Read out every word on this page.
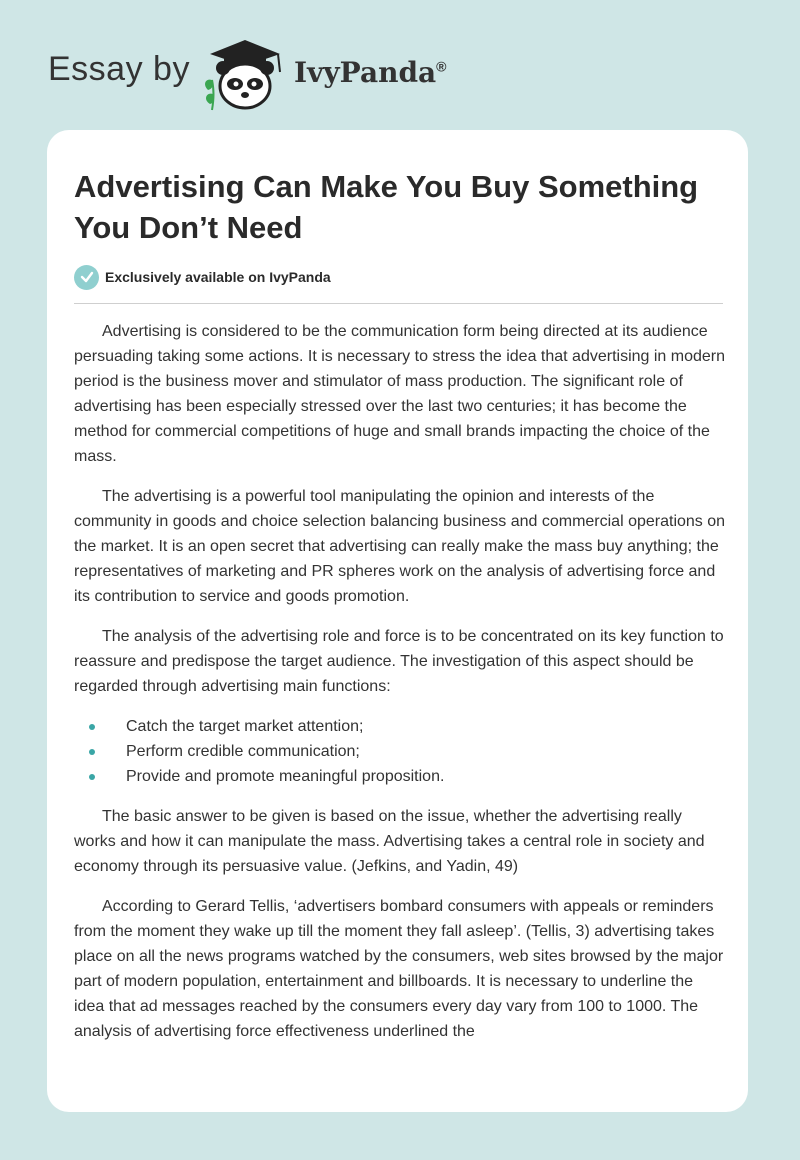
Essay by	IvyPanda®
Advertising Can Make You Buy Something You Don’t Need
Exclusively available on IvyPanda

Advertising is considered to be the communication form being directed at its audience persuading taking some actions. It is necessary to stress the idea that advertising in modern period is the business mover and stimulator of mass production. The significant role of advertising has been especially stressed over the last two centuries; it has become the method for commercial competitions of huge and small brands impacting the choice of the mass.

The advertising is a powerful tool manipulating the opinion and interests of the community in goods and choice selection balancing business and commercial operations on the market. It is an open secret that advertising can really make the mass buy anything; the representatives of marketing and PR spheres work on the analysis of advertising force and its contribution to service and goods promotion.

The analysis of the advertising role and force is to be concentrated on its key function to reassure and predispose the target audience. The investigation of this aspect should be regarded through advertising main functions:

Catch the target market attention;
Perform credible communication;
Provide and promote meaningful proposition.

The basic answer to be given is based on the issue, whether the advertising really works and how it can manipulate the mass. Advertising takes a central role in society and economy through its persuasive value. (Jefkins, and Yadin, 49)

According to Gerard Tellis, ‘advertisers bombard consumers with appeals or reminders from the moment they wake up till the moment they fall asleep’. (Tellis, 3) advertising takes place on all the news programs watched by the consumers, web sites browsed by the major part of modern population, entertainment and billboards. It is necessary to underline the idea that ad messages reached by the consumers every day vary from 100 to 1000. The analysis of advertising force effectiveness underlined the
